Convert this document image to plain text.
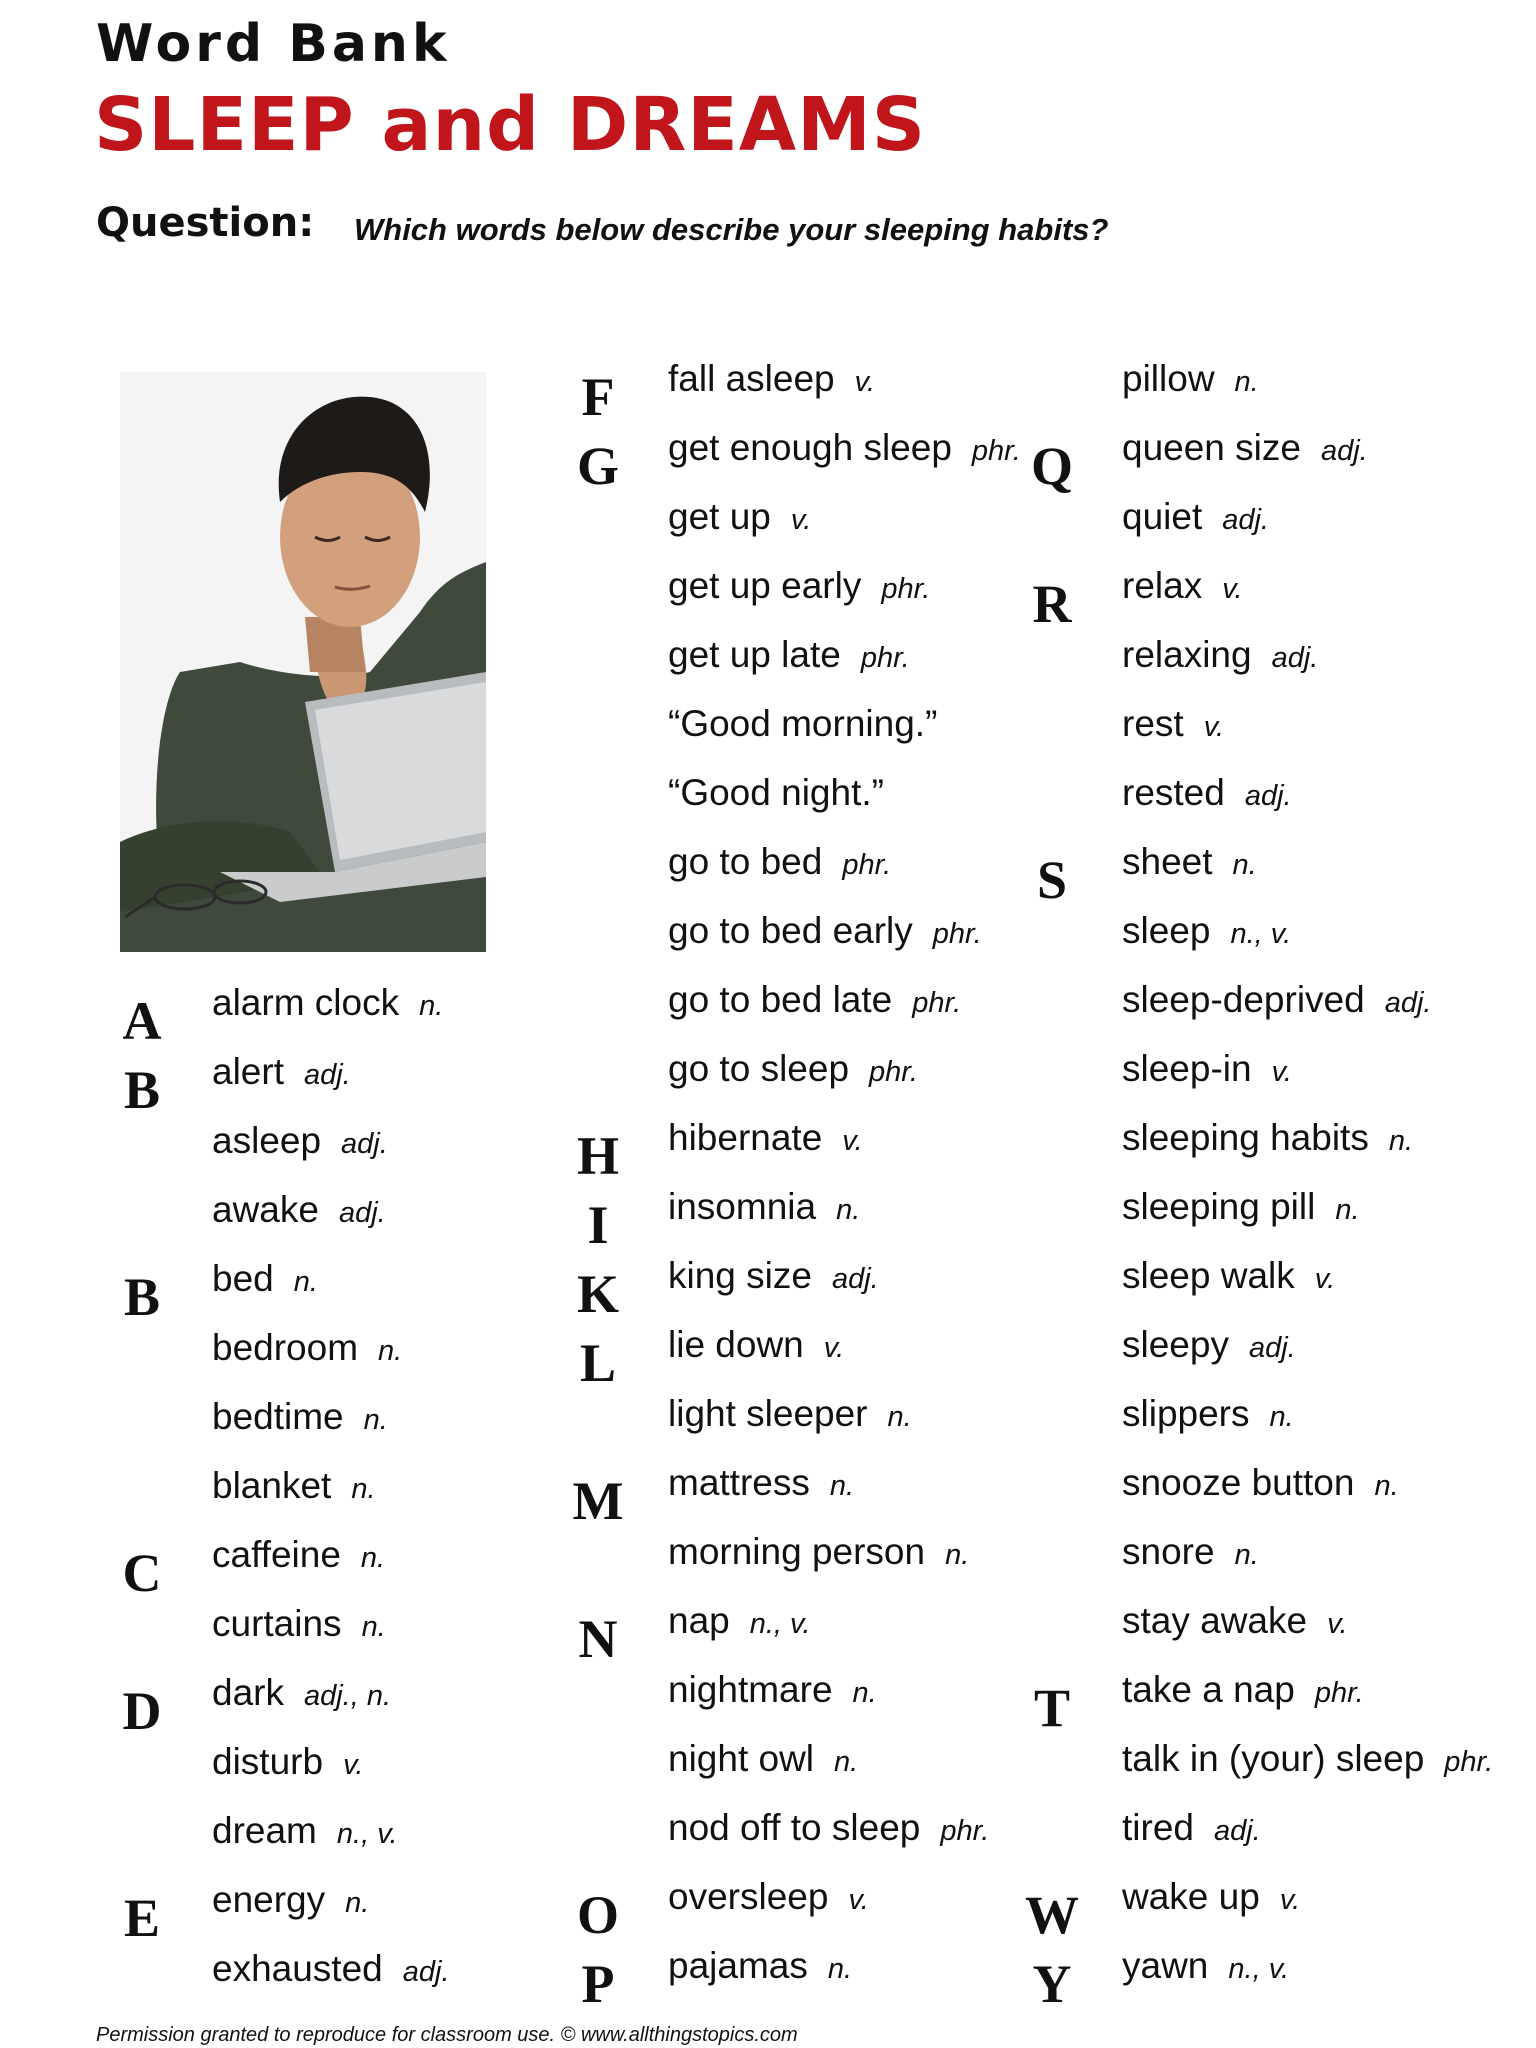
Word Bank
SLEEP and DREAMS
Question: Which words below describe your sleeping habits?
A alarm clock n.
B	alert adj.
asleep adj.
awake adj.
B	bed n.
bedroom n.
bedtime n.
blanket n.
C caffeine n.
curtains n.
D dark adj., n.
disturb v.
dream n., v.
E	energy n.
exhausted adj.
F	fall asleep v.
G get enough sleep phr.
get up v.
get up early phr.
get up late phr.
“Good morning.”
“Good night.”
go to bed phr.
go to bed early phr.
go to bed late phr.
go to sleep phr.
H hibernate v.
I	insomnia n.
K king size adj.
L	lie down v.
light sleeper n.
M mattress n.
morning person n.
N nap n., v.
nightmare n.
night owl n.
nod off to sleep phr.
O oversleep v.
P	pajamas n.
pillow n.
Q queen size adj.
quiet adj.
R relax v.
relaxing adj.
rest v.
rested adj.
S	sheet n.
sleep n., v.
sleep-deprived adj.
sleep-in v.
sleeping habits n.
sleeping pill n.
sleep walk v.
sleepy adj.
slippers n.
snooze button n.
snore n.
stay awake v.
T	take a nap phr.
talk in (your) sleep phr.
tired adj.
W wake up v.
Y yawn n., v.
Permission granted to reproduce for classroom use. © www.allthingstopics.com
